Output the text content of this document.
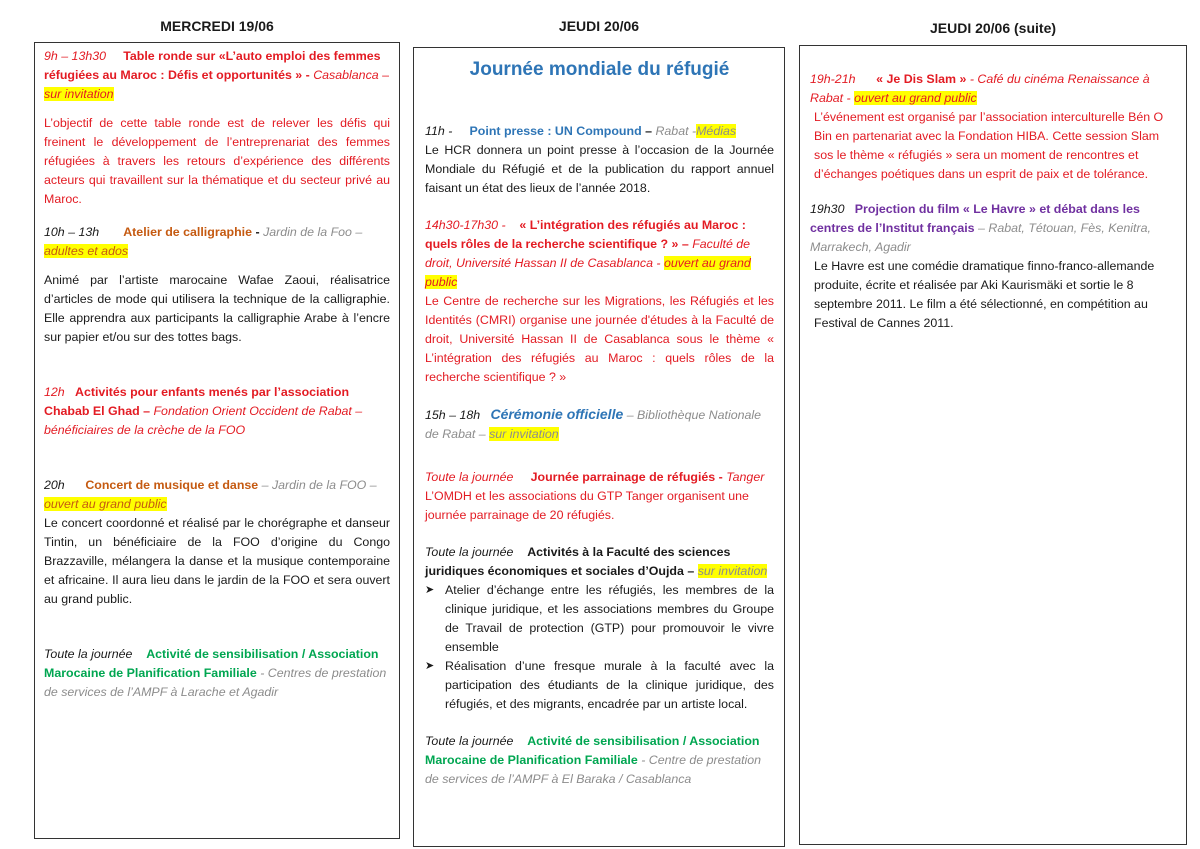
MERCREDI 19/06	JEUDI 20/06	JEUDI 20/06 (suite)

9h – 13h30 Table ronde sur «L’auto emploi des femmes réfugiées au Maroc : Défis et opportunités » - Casablanca – sur invitation

L’objectif de cette table ronde est de relever les défis qui freinent le développement de l’entreprenariat des femmes réfugiées à travers les retours d’expérience des différents acteurs qui travaillent sur la thématique et du secteur privé au Maroc.

10h – 13h Atelier de calligraphie - Jardin de la Foo – adultes et ados

Animé par l’artiste marocaine Wafae Zaoui, réalisatrice d’articles de mode qui utilisera la technique de la calligraphie. Elle apprendra aux participants la calligraphie Arabe à l’encre sur papier et/ou sur des tottes bags.

12h Activités pour enfants menés par l’association Chabab El Ghad – Fondation Orient Occident de Rabat – bénéficiaires de la crèche de la FOO

20h Concert de musique et danse – Jardin de la FOO – ouvert au grand public

Le concert coordonné et réalisé par le chorégraphe et danseur Tintin, un bénéficiaire de la FOO d’origine du Congo Brazzaville, mélangera la danse et la musique contemporaine et africaine. Il aura lieu dans le jardin de la FOO et sera ouvert au grand public.

Toute la journée Activité de sensibilisation / Association Marocaine de Planification Familiale - Centres de prestation de services de l’AMPF à Larache et Agadir

Journée mondiale du réfugié

11h - Point presse : UN Compound – Rabat -Médias

Le HCR donnera un point presse à l’occasion de la Journée Mondiale du Réfugié et de la publication du rapport annuel faisant un état des lieux de l’année 2018.

14h30-17h30 - « L’intégration des réfugiés au Maroc : quels rôles de la recherche scientifique ? » – Faculté de droit, Université Hassan II de Casablanca - ouvert au grand public

Le Centre de recherche sur les Migrations, les Réfugiés et les Identités (CMRI) organise une journée d'études à la Faculté de droit, Université Hassan II de Casablanca sous le thème « L’intégration des réfugiés au Maroc : quels rôles de la recherche scientifique ? »

15h – 18h Cérémonie officielle – Bibliothèque Nationale de Rabat – sur invitation

Toute la journée Journée parrainage de réfugiés - Tanger   L’OMDH et les associations du GTP Tanger organisent une journée parrainage de 20 réfugiés.

Toute la journée Activités à la Faculté des sciences juridiques économiques et sociales d’Oujda – sur invitation

➤ Atelier d’échange entre les réfugiés, les membres de la clinique juridique, et les associations membres du Groupe de Travail de protection (GTP) pour promouvoir le vivre ensemble
➤ Réalisation d’une fresque murale à la faculté avec la participation des étudiants de la clinique juridique, des réfugiés, et des migrants, encadrée par un artiste local.

Toute la journée Activité de sensibilisation / Association Marocaine de Planification Familiale - Centre de prestation de services de l’AMPF à El Baraka / Casablanca

19h-21h « Je Dis Slam » - Café du cinéma Renaissance à Rabat - ouvert au grand public

L’événement est organisé par l’association interculturelle Bén O Bin en partenariat avec la Fondation HIBA. Cette session Slam sos le thème « réfugiés » sera un moment de rencontres et d’échanges poétiques dans un esprit de paix et de tolérance.

19h30 Projection du film « Le Havre » et débat dans les centres de l’Institut français – Rabat, Tétouan, Fès, Kenitra, Marrakech, Agadir

Le Havre est une comédie dramatique finno-franco-allemande produite, écrite et réalisée par Aki Kaurismäki et sortie le 8 septembre 2011. Le film a été sélectionné, en compétition au Festival de Cannes 2011.
